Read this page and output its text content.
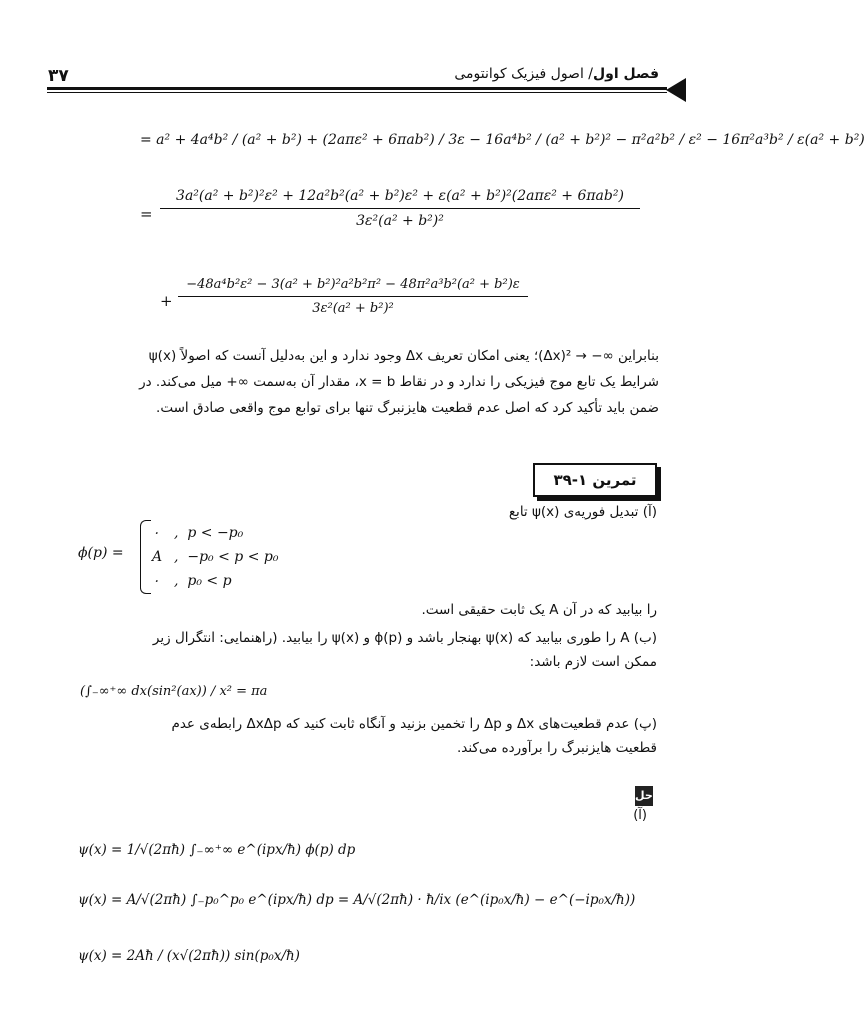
۳۷	فصل اول/ اصول فیزیک کوانتومی
= a² + 4a⁴b² / (a² + b²) + (2aπε² + 6πab²) / 3ε − 16a⁴b² / (a² + b²)² − π²a²b² / ε² − 16π²a³b² / ε(a² + b²)
=
3a²(a² + b²)²ε² + 12a²b²(a² + b²)ε² + ε(a² + b²)²(2aπε² + 6πab²)
3ε²(a² + b²)²
+
−48a⁴b²ε² − 3(a² + b²)²a²b²π² − 48π²a³b²(a² + b²)ε
3ε²(a² + b²)²
بنابراین ∞− → ²(Δx)؛ یعنی امکان تعریف Δx وجود ندارد و این به‌دلیل آنست که اصولاً ψ(x)
شرایط یک تابع موج فیزیکی را ندارد و در نقاط x = b، مقدار آن به‌سمت ∞+ میل می‌کند. در
ضمن باید تأکید کرد که اصل عدم قطعیت هایزنبرگ تنها برای توابع موج واقعی صادق است.
تمرین ۱-۳۹
(آ) تبدیل فوریه‌ی ψ(x) تابع
ϕ(p) =
۰ ,  p < −p₀
A ,  −p₀ < p < p₀
۰ ,  p₀ < p
را بیابید که در آن A یک ثابت حقیقی است.
(ب) A را طوری بیابید که ψ(x) بهنجار باشد و ϕ(p) و ψ(x) را بیابید. (راهنمایی: انتگرال زیر
ممکن است لازم باشد:
(∫₋∞⁺∞ dx(sin²(ax)) / x² = πa
(پ) عدم قطعیت‌های Δx و Δp را تخمین بزنید و آنگاه ثابت کنید که ΔxΔp رابطه‌ی عدم
قطعیت هایزنبرگ را برآورده می‌کند.
حل:
(آ)
ψ(x) = 1/√(2πħ) ∫₋∞⁺∞ e^(ipx/ħ) ϕ(p) dp
ψ(x) = A/√(2πħ) ∫₋p₀^p₀ e^(ipx/ħ) dp = A/√(2πħ) · ħ/ix (e^(ip₀x/ħ) − e^(−ip₀x/ħ))
ψ(x) = 2Aħ / (x√(2πħ)) sin(p₀x/ħ)
